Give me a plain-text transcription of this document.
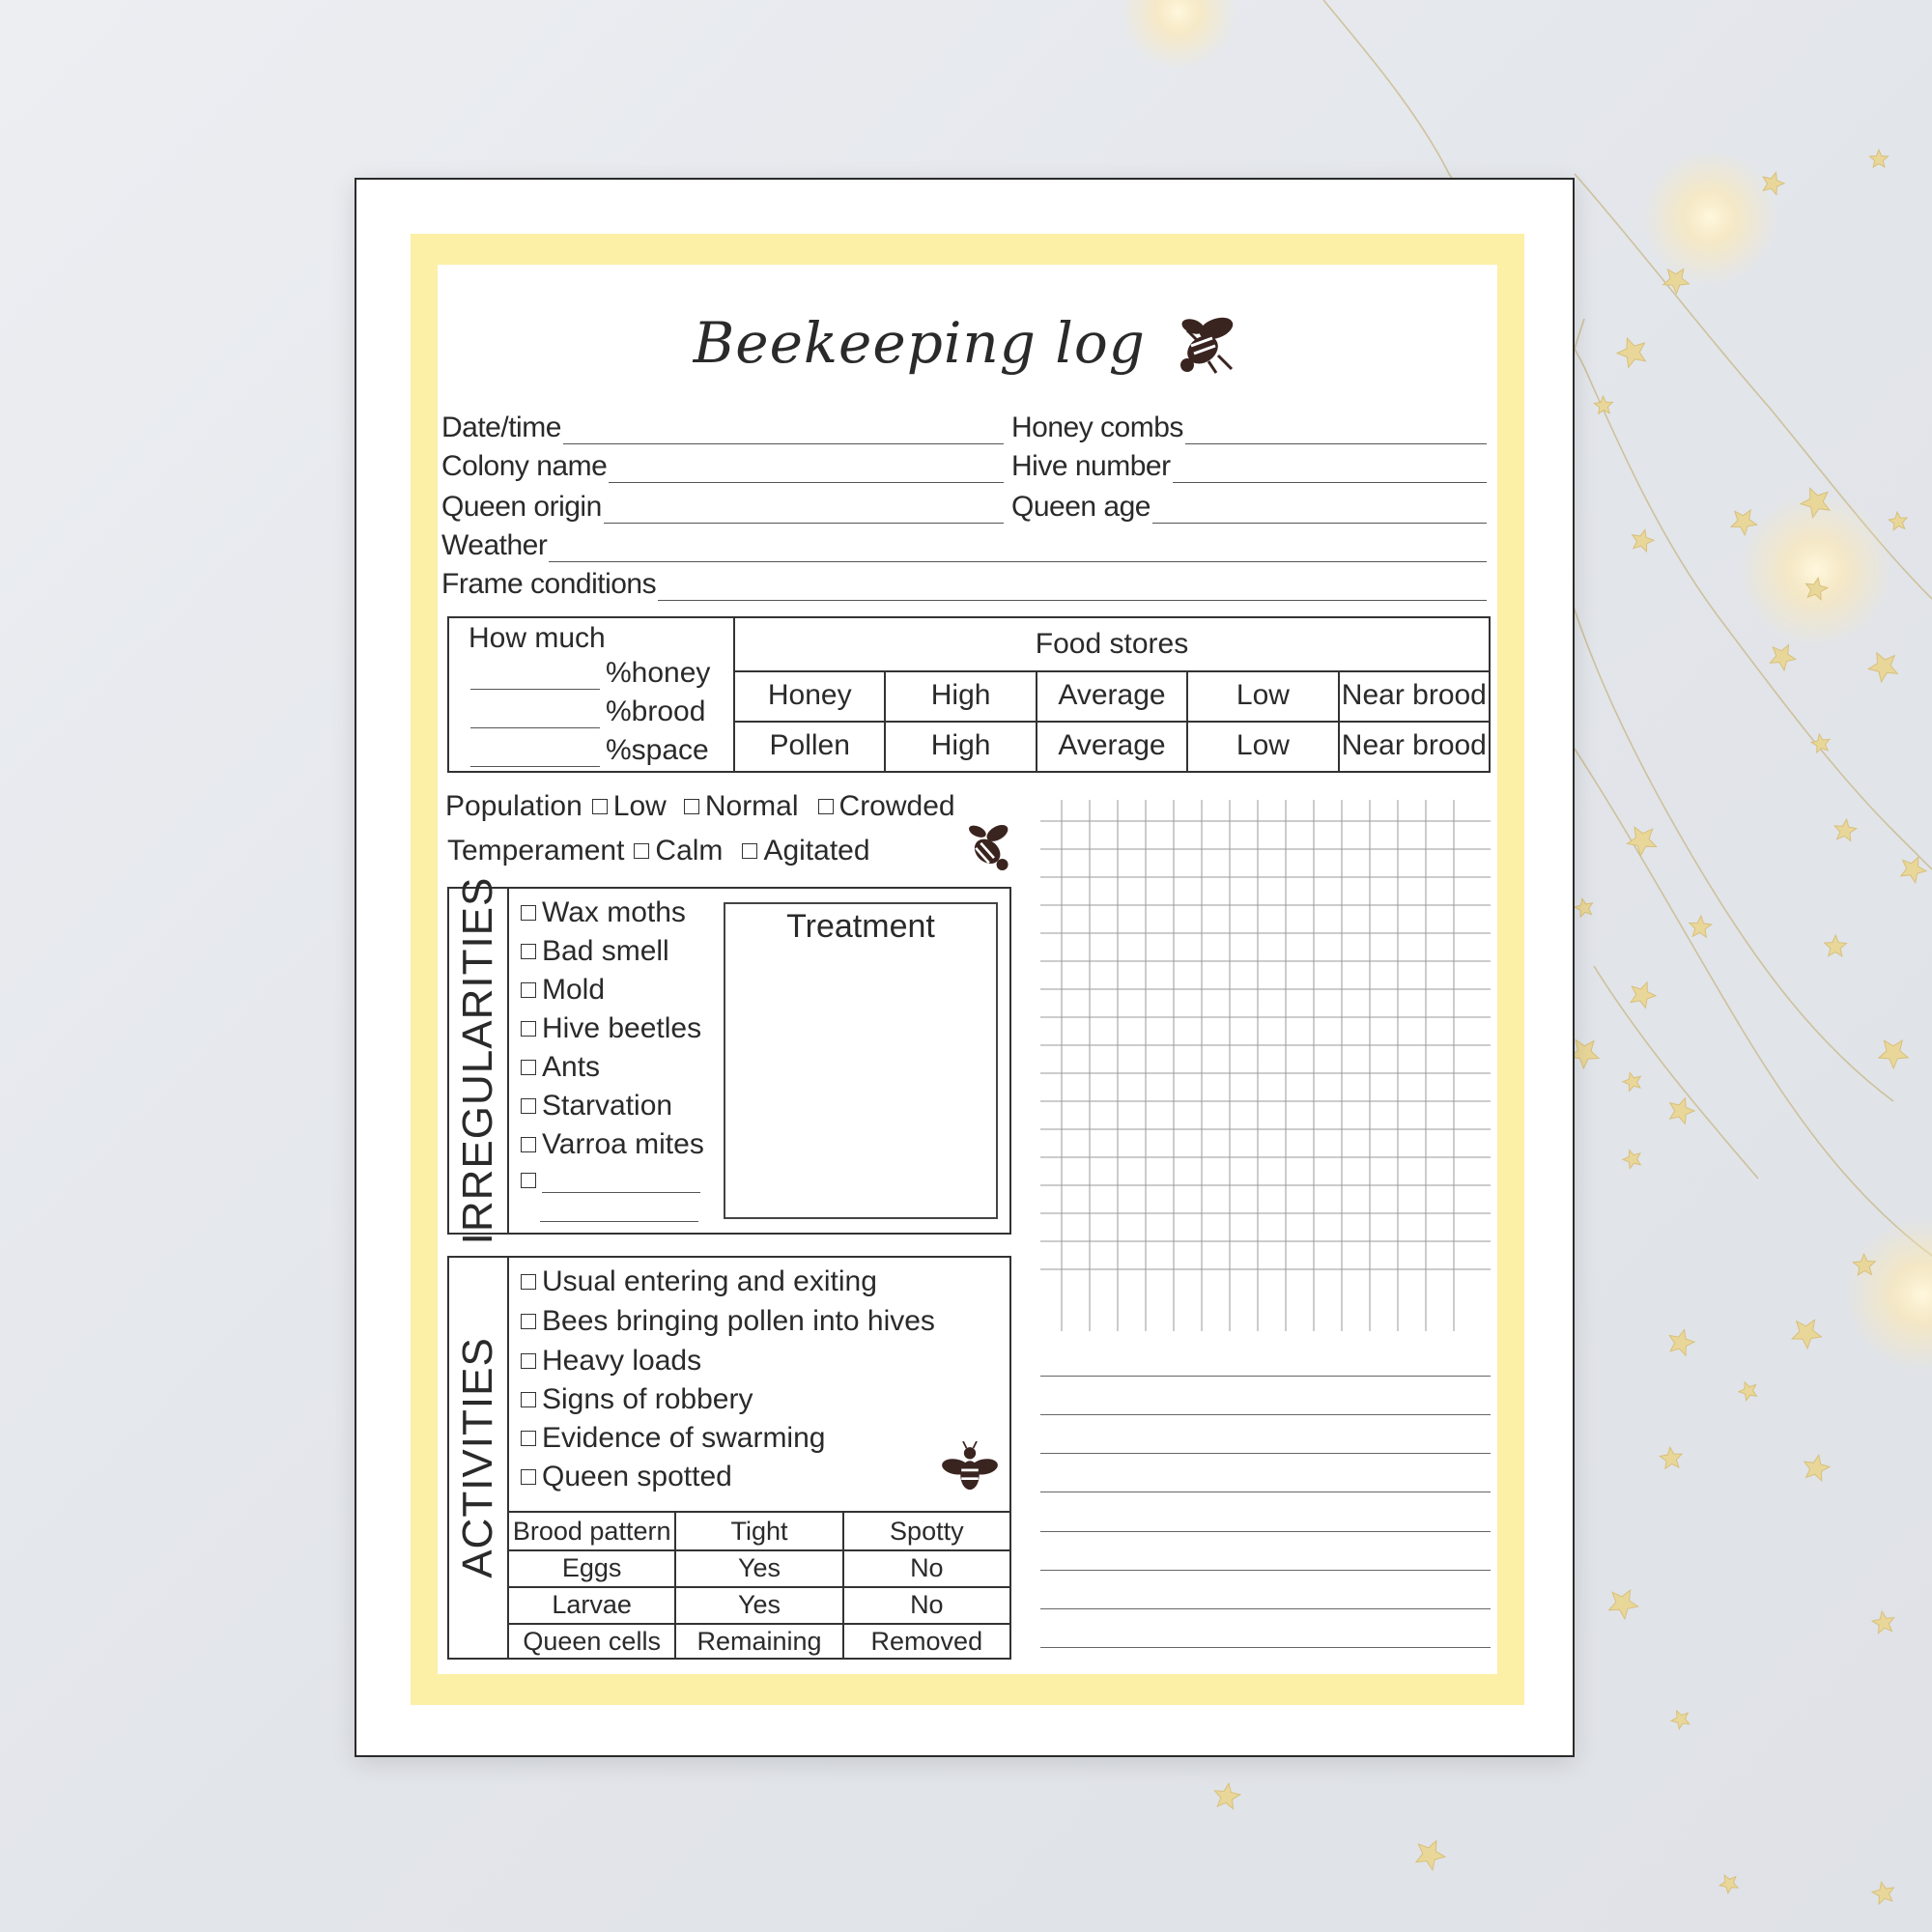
Beekeeping log
Date/time	Honey combs
Colony name	Hive number
Queen origin	Queen age
Weather
Frame conditions
How much
%honey
%brood
%space
Food stores
Honey	High	Average	Low	Near brood
Pollen	High	Average	Low	Near brood
Population Low Normal Crowded
Temperament Calm Agitated
IRREGULARITIES Wax moths
Bad smell
Mold
Hive beetles
Ants
Starvation
Varroa mites
Treatment
ACTIVITIES
Usual entering and exiting
Bees bringing pollen into hives
Heavy loads
Signs of robbery
Evidence of swarming
Queen spotted
Brood pattern	Tight	Spotty
Eggs	Yes	No
Larvae	Yes	No
Queen cells	Remaining	Removed
